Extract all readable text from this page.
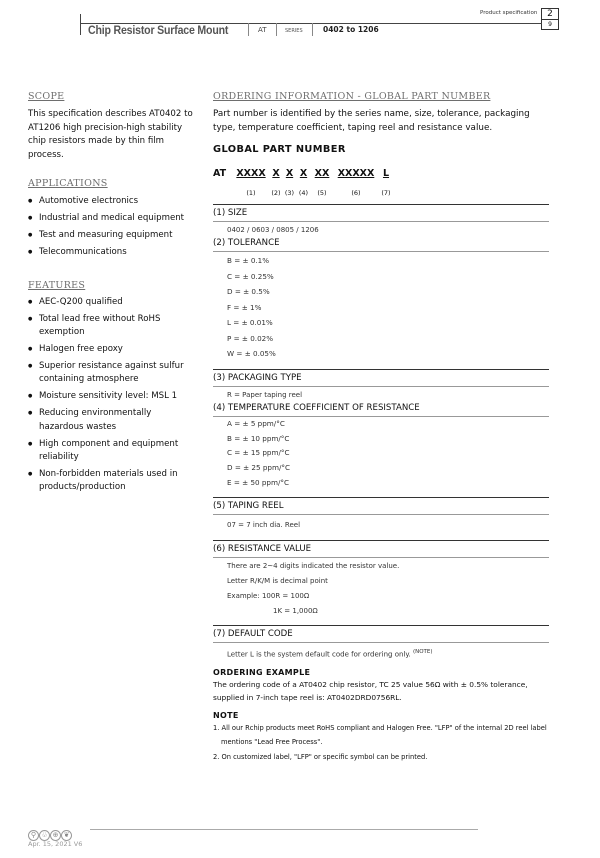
Product specification	2
9
Chip Resistor Surface Mount	AT	SERIES	0402 to 1206
SCOPE
This specification describes AT0402 to AT1206 high precision-high stability chip resistors made by thin film process.
APPLICATIONS
● Automotive electronics
● Industrial and medical equipment
● Test and measuring equipment
● Telecommunications
FEATURES
● AEC-Q200 qualified
● Total lead free without RoHS exemption
● Halogen free epoxy
● Superior resistance against sulfur containing atmosphere
● Moisture sensitivity level: MSL 1
● Reducing environmentally hazardous wastes
● High component and equipment reliability
● Non-forbidden materials used in products/production
ORDERING INFORMATION - GLOBAL PART NUMBER
Part number is identified by the series name, size, tolerance, packaging type, temperature coefficient, taping reel and resistance value.
GLOBAL PART NUMBER
AT XXXX X X X XX XXXXX L
(1) (2) (3) (4) (5)	(6)	(7)
(1) SIZE
0402 / 0603 / 0805 / 1206
(2) TOLERANCE
B = ± 0.1%
C = ± 0.25%
D = ± 0.5%
F = ± 1%
L = ± 0.01%
P = ± 0.02%
W = ± 0.05%
(3) PACKAGING TYPE
R = Paper taping reel
(4) TEMPERATURE COEFFICIENT OF RESISTANCE
A = ± 5 ppm/°C
B = ± 10 ppm/°C
C = ± 15 ppm/°C
D = ± 25 ppm/°C
E = ± 50 ppm/°C
(5) TAPING REEL
07 = 7 inch dia. Reel
(6) RESISTANCE VALUE
There are 2~4 digits indicated the resistor value.
Letter R/K/M is decimal point
Example: 100R = 100Ω
1K = 1,000Ω
(7) DEFAULT CODE
Letter L is the system default code for ordering only. $^{(NOTE)}$
ORDERING EXAMPLE
The ordering code of a AT0402 chip resistor, TC 25 value 56Ω with ± 0.5% tolerance, supplied in 7-inch tape reel is: AT0402DRD0756RL.
NOTE
1. All our Rchip products meet RoHS compliant and Halogen Free. "LFP" of the internal 2D reel label mentions "Lead Free Process".
2. On customized label, "LFP" or specific symbol can be printed.
⚲ ♧ ⊕ ❦
Apr. 15, 2021 V6
